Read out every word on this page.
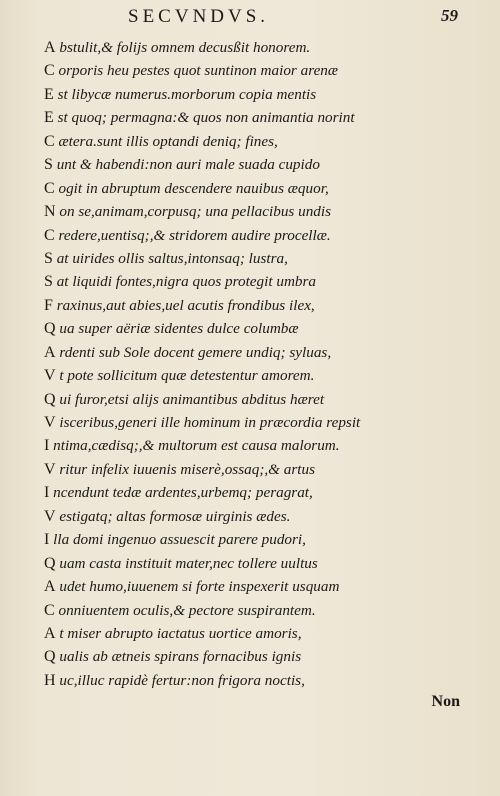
SECVNDVS.	59
A bstulit,& folijs omnem decusßit honorem.
C orporis heu pestes quot suntinon maior arenæ
E st libycæ numerus.morborum copia mentis
E st quoq; permagna:& quos non animantia norint
C ætera.sunt illis optandi deniq; fines,
S unt & habendi:non auri male suada cupido
C ogit in abruptum descendere nauibus æquor,
N on se,animam,corpusq; una pellacibus undis
C redere,uentisq;,& stridorem audire procellæ.
S at uirides ollis saltus,intonsaq; lustra,
S at liquidi fontes,nigra quos protegit umbra
F raxinus,aut abies,uel acutis frondibus ilex,
Q ua super aëriæ sidentes dulce columbæ
A rdenti sub Sole docent gemere undiq; syluas,
V t pote sollicitum quæ detestentur amorem.
Q ui furor,etsi alijs animantibus abditus hæret
V isceribus,generi ille hominum in præcordia repsit
I ntima,cædisq;,& multorum est causa malorum.
V ritur infelix iuuenis miserè,ossaq;,& artus
I ncendunt tedæ ardentes,urbemq; peragrat,
V estigatq; altas formosæ uirginis ædes.
I lla domi ingenuo assuescit parere pudori,
Q uam casta instituit mater,nec tollere uultus
A udet humo,iuuenem si forte inspexerit usquam
C onniuentem oculis,& pectore suspirantem.
A t miser abrupto iactatus uortice amoris,
Q ualis ab ætneis spirans fornacibus ignis
H uc,illuc rapidè fertur:non frigora noctis,
Non
